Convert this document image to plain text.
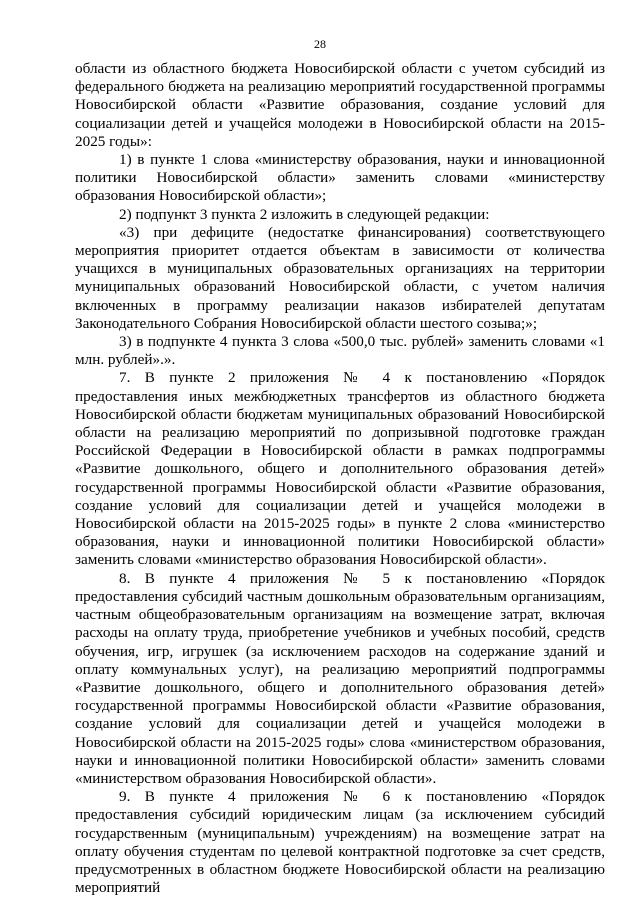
28

области из областного бюджета Новосибирской области с учетом субсидий из федерального бюджета на реализацию мероприятий государственной программы Новосибирской области «Развитие образования, создание условий для социализации детей и учащейся молодежи в Новосибирской области на 2015-2025 годы»:

1) в пункте 1 слова «министерству образования, науки и инновационной политики Новосибирской области» заменить словами «министерству образования Новосибирской области»;

2) подпункт 3 пункта 2 изложить в следующей редакции:

«3) при дефиците (недостатке финансирования) соответствующего мероприятия приоритет отдается объектам в зависимости от количества учащихся в муниципальных образовательных организациях на территории муниципальных образований Новосибирской области, с учетом наличия включенных в программу реализации наказов избирателей депутатам Законодательного Собрания Новосибирской области шестого созыва;»;

3) в подпункте 4 пункта 3 слова «500,0 тыс. рублей» заменить словами «1 млн. рублей».».

7. В пункте 2 приложения № 4 к постановлению «Порядок предоставления иных межбюджетных трансфертов из областного бюджета Новосибирской области бюджетам муниципальных образований Новосибирской области на реализацию мероприятий по допризывной подготовке граждан Российской Федерации в Новосибирской области в рамках подпрограммы «Развитие дошкольного, общего и дополнительного образования детей» государственной программы Новосибирской области «Развитие образования, создание условий для социализации детей и учащейся молодежи в Новосибирской области на 2015-2025 годы» в пункте 2 слова «министерство образования, науки и инновационной политики Новосибирской области» заменить словами «министерство образования Новосибирской области».

8. В пункте 4 приложения № 5 к постановлению «Порядок предоставления субсидий частным дошкольным образовательным организациям, частным общеобразовательным организациям на возмещение затрат, включая расходы на оплату труда, приобретение учебников и учебных пособий, средств обучения, игр, игрушек (за исключением расходов на содержание зданий и оплату коммунальных услуг), на реализацию мероприятий подпрограммы «Развитие дошкольного, общего и дополнительного образования детей» государственной программы Новосибирской области «Развитие образования, создание условий для социализации детей и учащейся молодежи в Новосибирской области на 2015-2025 годы» слова «министерством образования, науки и инновационной политики Новосибирской области» заменить словами «министерством образования Новосибирской области».

9. В пункте 4 приложения № 6 к постановлению «Порядок предоставления субсидий юридическим лицам (за исключением субсидий государственным (муниципальным) учреждениям) на возмещение затрат на оплату обучения студентам по целевой контрактной подготовке за счет средств, предусмотренных в областном бюджете Новосибирской области на реализацию мероприятий
